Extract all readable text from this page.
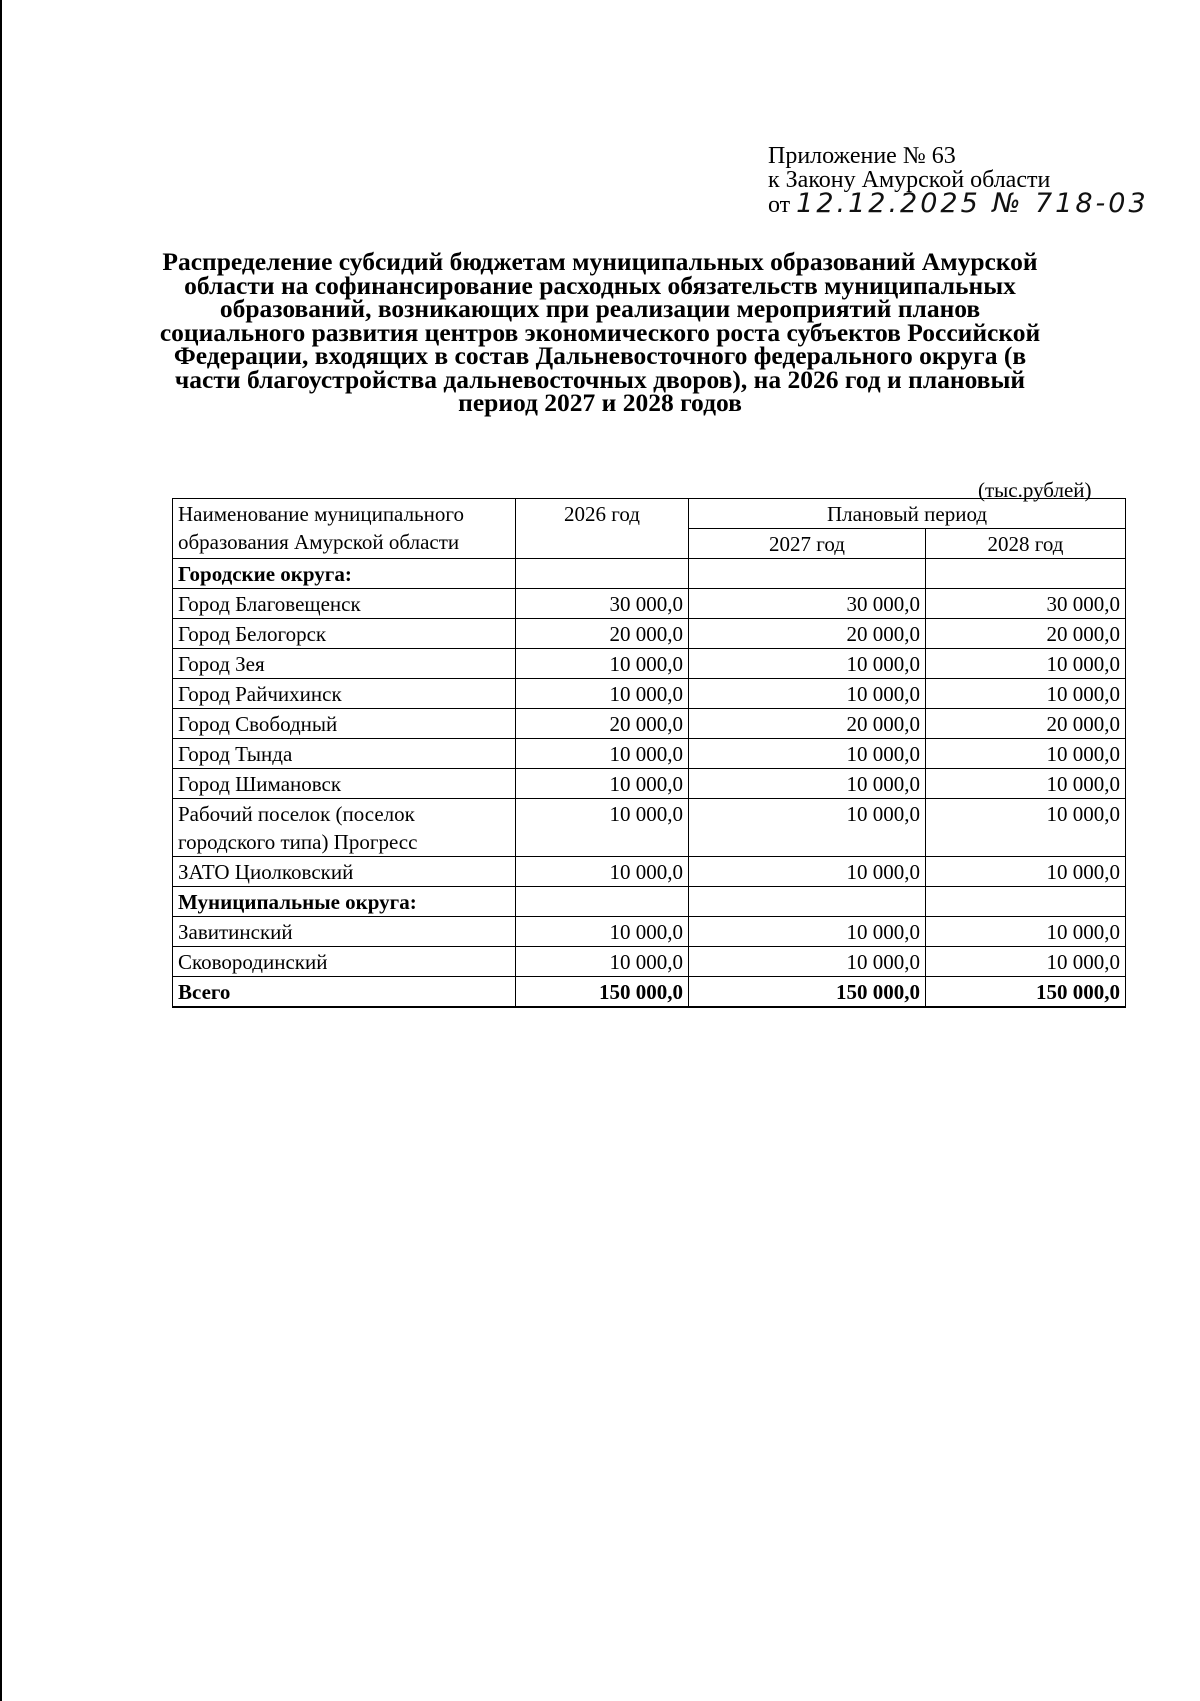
Приложение № 63
к Закону Амурской области
от 12.12.2025 № 718-03
Распределение субсидий бюджетам муниципальных образований Амурской области на софинансирование расходных обязательств муниципальных образований, возникающих при реализации мероприятий планов социального развития центров экономического роста субъектов Российской Федерации, входящих в состав Дальневосточного федерального округа (в части благоустройства дальневосточных дворов), на 2026 год и плановый период 2027 и 2028 годов
(тыс.рублей)
Наименование муниципального образования Амурской области	2026 год	Плановый период	
		2027 год	2028 год
Городские округа:			
Город Благовещенск	30 000,0	30 000,0	30 000,0
Город Белогорск	20 000,0	20 000,0	20 000,0
Город Зея	10 000,0	10 000,0	10 000,0
Город Райчихинск	10 000,0	10 000,0	10 000,0
Город Свободный	20 000,0	20 000,0	20 000,0
Город Тында	10 000,0	10 000,0	10 000,0
Город Шимановск	10 000,0	10 000,0	10 000,0
Рабочий поселок (поселок городского типа) Прогресс	10 000,0	10 000,0	10 000,0
ЗАТО Циолковский	10 000,0	10 000,0	10 000,0
Муниципальные округа:			
Завитинский	10 000,0	10 000,0	10 000,0
Сковородинский	10 000,0	10 000,0	10 000,0
Всего	150 000,0	150 000,0	150 000,0
